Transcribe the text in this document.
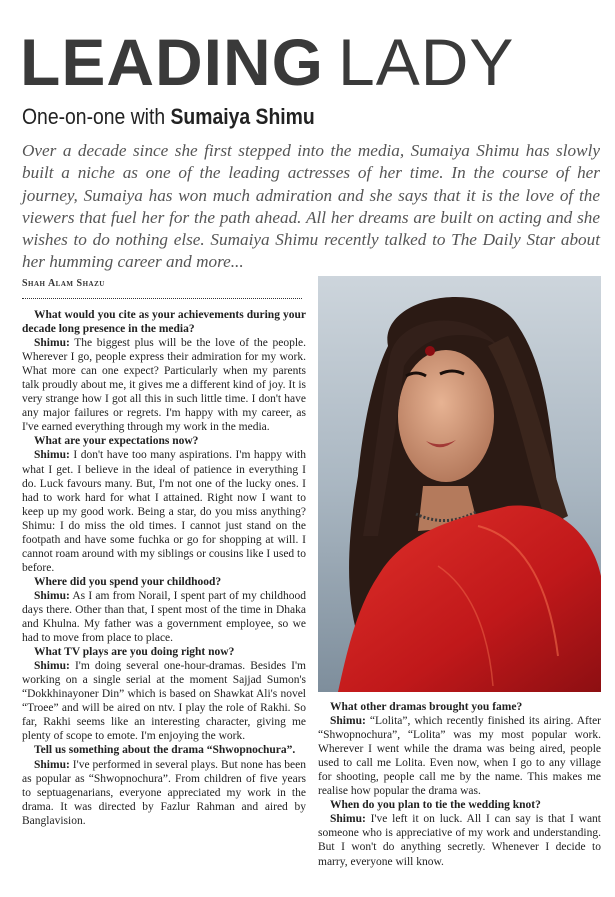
LEADING LADY
One-on-one with Sumaiya Shimu
Over a decade since she first stepped into the media, Sumaiya Shimu has slowly built a niche as one of the leading actresses of her time. In the course of her journey, Sumaiya has won much admiration and she says that it is the love of the viewers that fuel her for the path ahead. All her dreams are built on acting and she wishes to do nothing else. Sumaiya Shimu recently talked to The Daily Star about her humming career and more...
Shah Alam Shazu

What would you cite as your achievements during your decade long presence in the media?

Shimu: The biggest plus will be the love of the people. Wherever I go, people express their admiration for my work. What more can one expect? Particularly when my parents talk proudly about me, it gives me a different kind of joy. It is very strange how I got all this in such little time. I don't have any major failures or regrets. I'm happy with my career, as I've earned everything through my work in the media.

What are your expectations now?

Shimu: I don't have too many aspirations. I'm happy with what I get. I believe in the ideal of patience in everything I do. Luck favours many. But, I'm not one of the lucky ones. I had to work hard for what I attained. Right now I want to keep up my good work. Being a star, do you miss anything? Shimu: I do miss the old times. I cannot just stand on the footpath and have some fuchka or go for shopping at will. I cannot roam around with my siblings or cousins like I used to before.

Where did you spend your childhood?

Shimu: As I am from Norail, I spent part of my childhood days there. Other than that, I spent most of the time in Dhaka and Khulna. My father was a government employee, so we had to move from place to place.

What TV plays are you doing right now?

Shimu: I'm doing several one-hour-dramas. Besides I'm working on a single serial at the moment Sajjad Sumon's “Dokkhinayoner Din” which is based on Shawkat Ali's novel “Troee” and will be aired on ntv. I play the role of Rakhi. So far, Rakhi seems like an interesting character, giving me plenty of scope to emote. I'm enjoying the work.

Tell us something about the drama “Shwopnochura”.

Shimu: I've performed in several plays. But none has been as popular as “Shwopnochura”. From children of five years to septuagenarians, everyone appreciated my work in the drama. It was directed by Fazlur Rahman and aired by Banglavision.

What other dramas brought you fame?

Shimu: “Lolita”, which recently finished its airing. After “Shwopnochura”, “Lolita” was my most popular work. Wherever I went while the drama was being aired, people used to call me Lolita. Even now, when I go to any village for shooting, people call me by the name. This makes me realise how popular the drama was.

When do you plan to tie the wedding knot?

Shimu: I've left it on luck. All I can say is that I want someone who is appreciative of my work and understanding. But I won't do anything secretly. Whenever I decide to marry, everyone will know.
